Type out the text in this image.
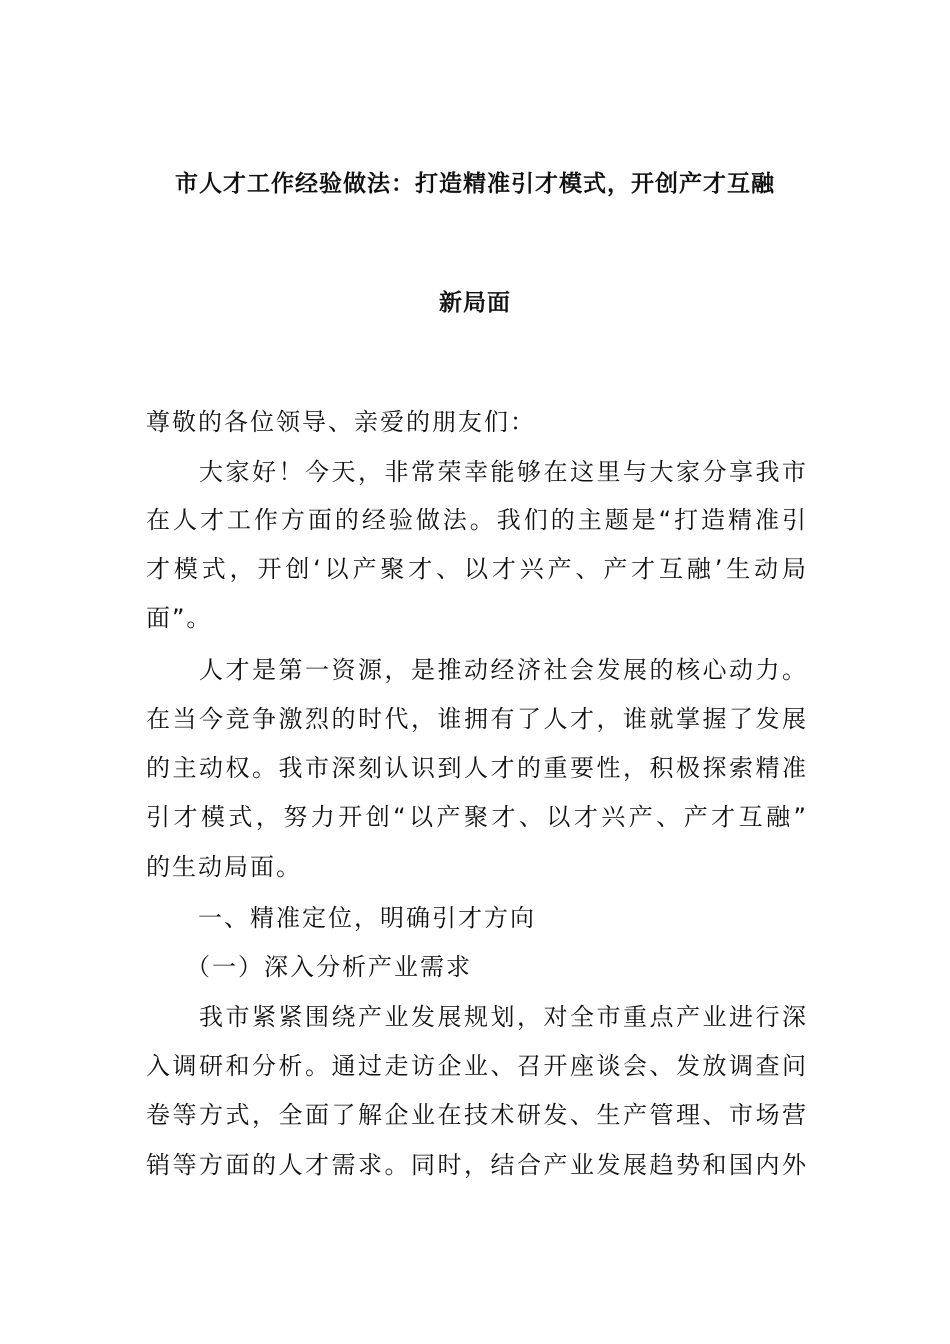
市人才工作经验做法：打造精准引才模式，开创产才互融
新局面
尊敬的各位领导、亲爱的朋友们：
　　大家好！今天，非常荣幸能够在这里与大家分享我市
在人才工作方面的经验做法。我们的主题是“打造精准引
才模式，开创‘以产聚才、以才兴产、产才互融’生动局
面”。
　　人才是第一资源，是推动经济社会发展的核心动力。
在当今竞争激烈的时代，谁拥有了人才，谁就掌握了发展
的主动权。我市深刻认识到人才的重要性，积极探索精准
引才模式，努力开创“以产聚才、以才兴产、产才互融”
的生动局面。
　　一、精准定位，明确引才方向
　　（一）深入分析产业需求
　　我市紧紧围绕产业发展规划，对全市重点产业进行深
入调研和分析。通过走访企业、召开座谈会、发放调查问
卷等方式，全面了解企业在技术研发、生产管理、市场营
销等方面的人才需求。同时，结合产业发展趋势和国内外
